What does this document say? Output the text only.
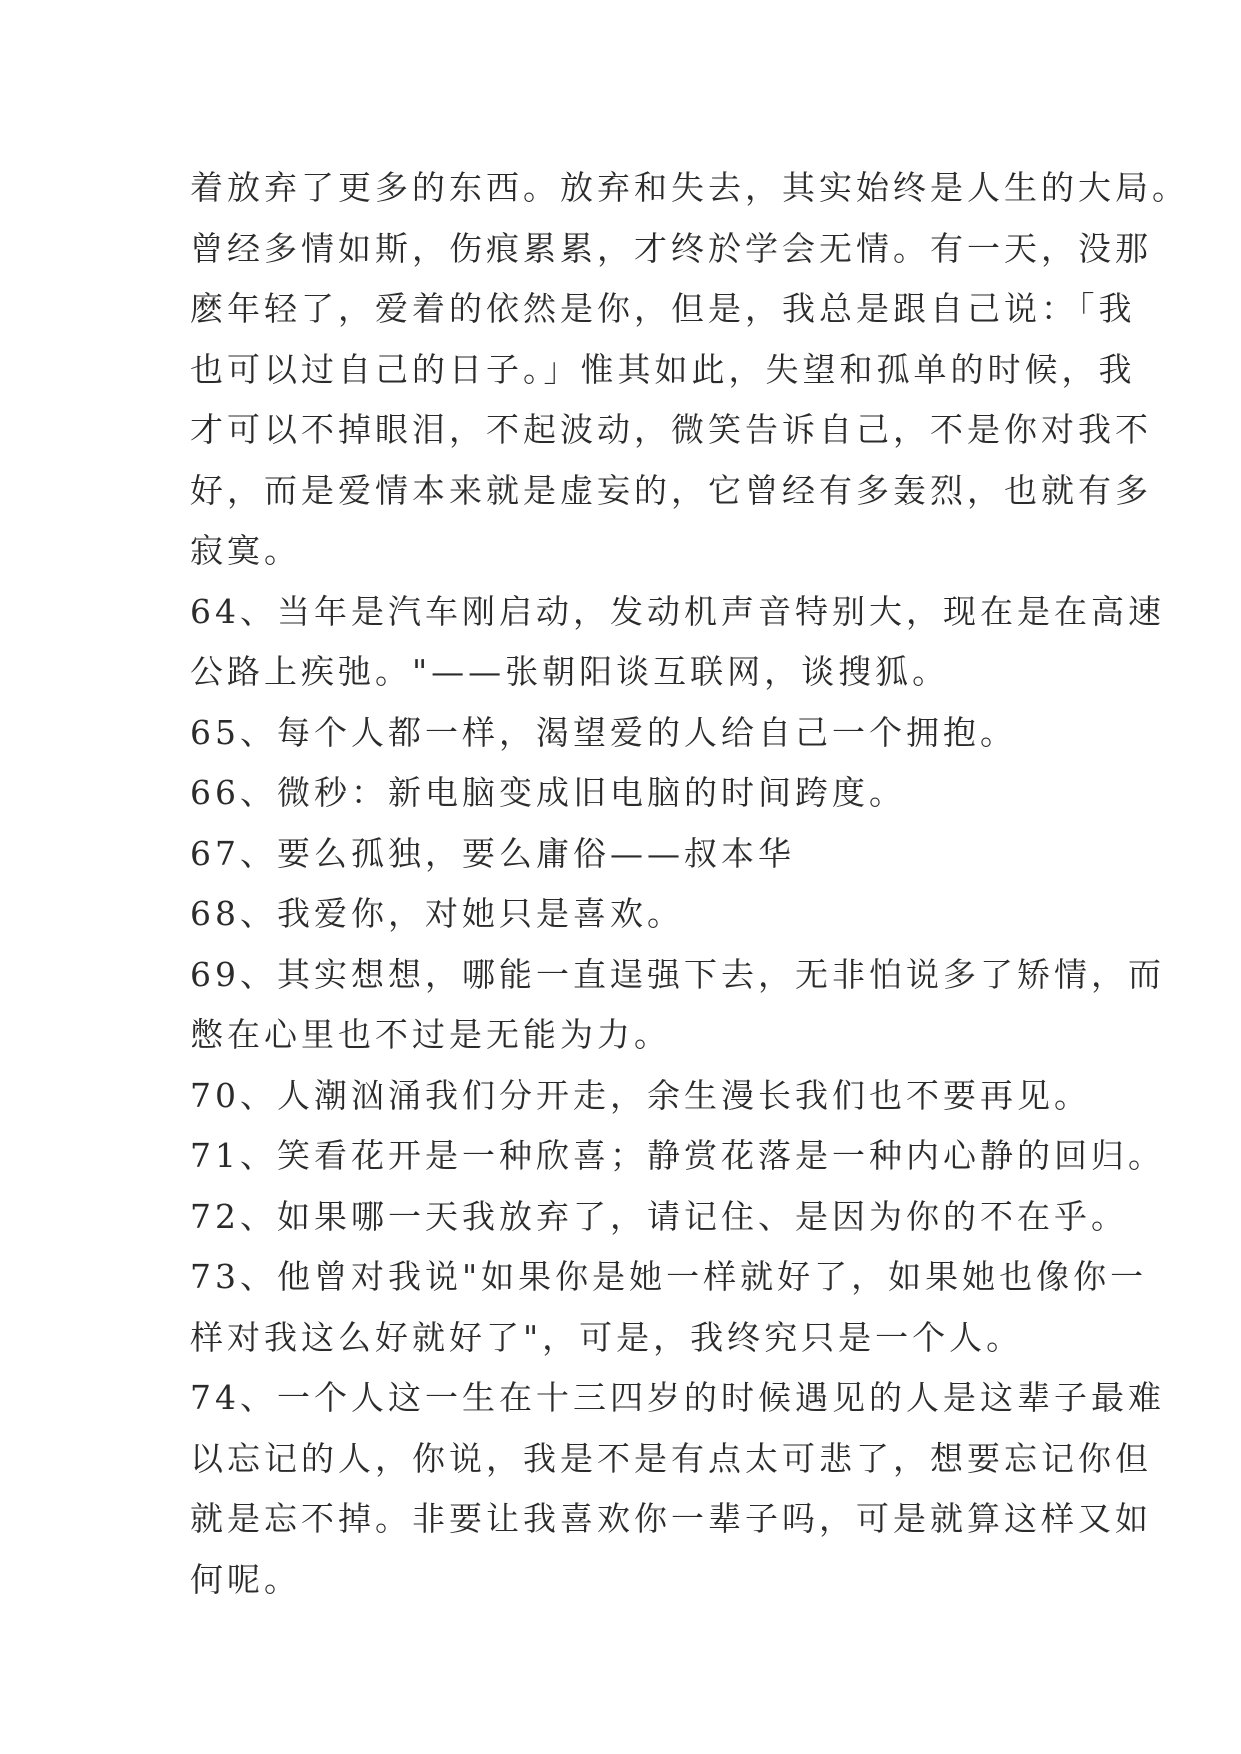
着放弃了更多的东西。放弃和失去，其实始终是人生的大局。
曾经多情如斯，伤痕累累，才终於学会无情。有一天，没那
麽年轻了，爱着的依然是你，但是，我总是跟自己说：「我
也可以过自己的日子。」惟其如此，失望和孤单的时候，我
才可以不掉眼泪，不起波动，微笑告诉自己，不是你对我不
好，而是爱情本来就是虚妄的，它曾经有多轰烈，也就有多
寂寞。
64、当年是汽车刚启动，发动机声音特别大，现在是在高速
公路上疾弛。"——张朝阳谈互联网，谈搜狐。
65、每个人都一样，渴望爱的人给自己一个拥抱。
66、微秒：新电脑变成旧电脑的时间跨度。
67、要么孤独，要么庸俗——叔本华
68、我爱你，对她只是喜欢。
69、其实想想，哪能一直逞强下去，无非怕说多了矫情，而
憋在心里也不过是无能为力。
70、人潮汹涌我们分开走，余生漫长我们也不要再见。
71、笑看花开是一种欣喜；静赏花落是一种内心静的回归。
72、如果哪一天我放弃了，请记住、是因为你的不在乎。
73、他曾对我说"如果你是她一样就好了，如果她也像你一
样对我这么好就好了"，可是，我终究只是一个人。
74、一个人这一生在十三四岁的时候遇见的人是这辈子最难
以忘记的人，你说，我是不是有点太可悲了，想要忘记你但
就是忘不掉。非要让我喜欢你一辈子吗，可是就算这样又如
何呢。
